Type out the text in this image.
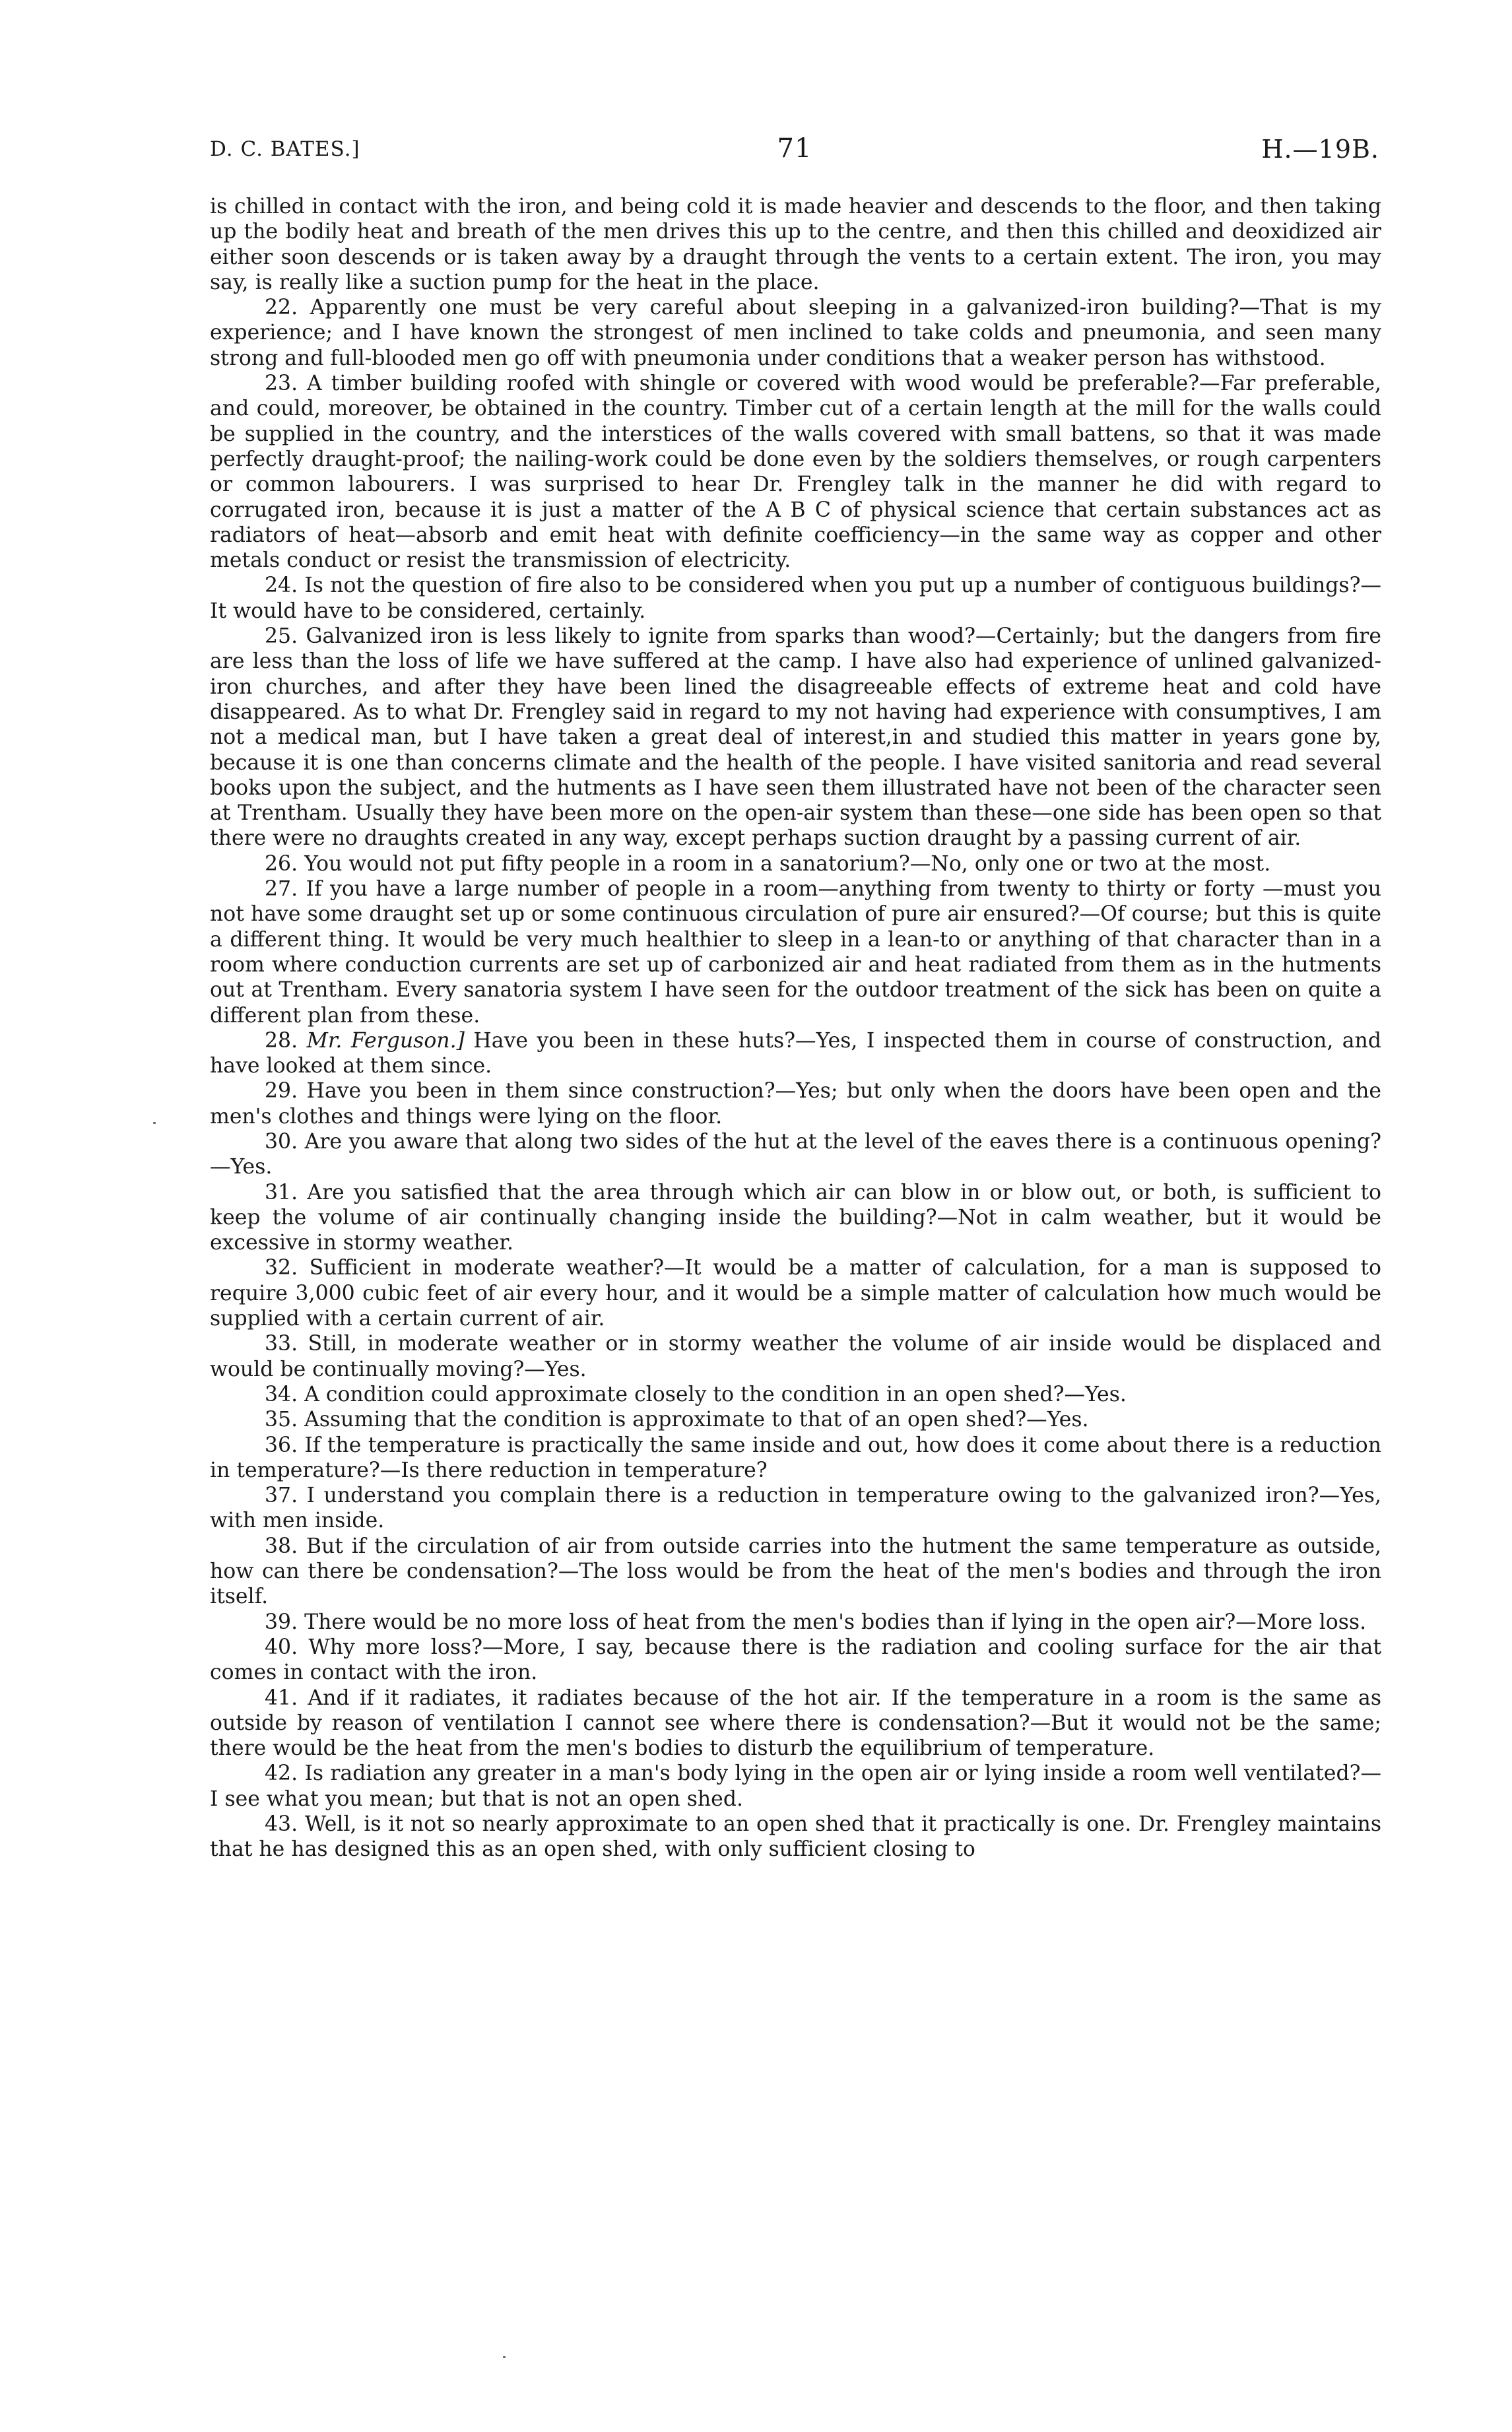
D. C. BATES.]	71	H.—19B.

is chilled in contact with the iron, and being cold it is made heavier and descends to the floor, and then taking up the bodily heat and breath of the men drives this up to the centre, and then this chilled and deoxidized air either soon descends or is taken away by a draught through the vents to a certain extent. The iron, you may say, is really like a suction pump for the heat in the place.

22. Apparently one must be very careful about sleeping in a galvanized-iron building?—That is my experience; and I have known the strongest of men inclined to take colds and pneumonia, and seen many strong and full-blooded men go off with pneumonia under conditions that a weaker person has withstood.

23. A timber building roofed with shingle or covered with wood would be preferable?—Far preferable, and could, moreover, be obtained in the country. Timber cut of a certain length at the mill for the walls could be supplied in the country, and the interstices of the walls covered with small battens, so that it was made perfectly draught-proof; the nailing-work could be done even by the soldiers themselves, or rough carpenters or common labourers. I was surprised to hear Dr. Frengley talk in the manner he did with regard to corrugated iron, because it is just a matter of the A B C of physical science that certain substances act as radiators of heat—absorb and emit heat with definite coefficiency—in the same way as copper and other metals conduct or resist the transmission of electricity.

24. Is not the question of fire also to be considered when you put up a number of contiguous buildings?—It would have to be considered, certainly.

25. Galvanized iron is less likely to ignite from sparks than wood?—Certainly; but the dangers from fire are less than the loss of life we have suffered at the camp. I have also had experience of unlined galvanized-iron churches, and after they have been lined the disagreeable effects of extreme heat and cold have disappeared. As to what Dr. Frengley said in regard to my not having had experience with consumptives, I am not a medical man, but I have taken a great deal of interest,in and studied this matter in years gone by, because it is one than concerns climate and the health of the people. I have visited sanitoria and read several books upon the subject, and the hutments as I have seen them illustrated have not been of the character seen at Trentham. Usually they have been more on the open-air system than these—one side has been open so that there were no draughts created in any way, except perhaps suction draught by a passing current of air.

26. You would not put fifty people in a room in a sanatorium?—No, only one or two at the most.

27. If you have a large number of people in a room—anything from twenty to thirty or forty —must you not have some draught set up or some continuous circulation of pure air ensured?—Of course; but this is quite a different thing. It would be very much healthier to sleep in a lean-to or anything of that character than in a room where conduction currents are set up of carbonized air and heat radiated from them as in the hutments out at Trentham. Every sanatoria system I have seen for the outdoor treatment of the sick has been on quite a different plan from these.

28. Mr. Ferguson.] Have you been in these huts?—Yes, I inspected them in course of construction, and have looked at them since.

29. Have you been in them since construction?—Yes; but only when the doors have been open and the men's clothes and things were lying on the floor.

30. Are you aware that along two sides of the hut at the level of the eaves there is a continuous opening?—Yes.

31. Are you satisfied that the area through which air can blow in or blow out, or both, is sufficient to keep the volume of air continually changing inside the building?—Not in calm weather, but it would be excessive in stormy weather.

32. Sufficient in moderate weather?—It would be a matter of calculation, for a man is supposed to require 3,000 cubic feet of air every hour, and it would be a simple matter of calculation how much would be supplied with a certain current of air.

33. Still, in moderate weather or in stormy weather the volume of air inside would be displaced and would be continually moving?—Yes.

34. A condition could approximate closely to the condition in an open shed?—Yes.

35. Assuming that the condition is approximate to that of an open shed?—Yes.

36. If the temperature is practically the same inside and out, how does it come about there is a reduction in temperature?—Is there reduction in temperature?

37. I understand you complain there is a reduction in temperature owing to the galvanized iron?—Yes, with men inside.

38. But if the circulation of air from outside carries into the hutment the same temperature as outside, how can there be condensation?—The loss would be from the heat of the men's bodies and through the iron itself.

39. There would be no more loss of heat from the men's bodies than if lying in the open air?—More loss.

40. Why more loss?—More, I say, because there is the radiation and cooling surface for the air that comes in contact with the iron.

41. And if it radiates, it radiates because of the hot air. If the temperature in a room is the same as outside by reason of ventilation I cannot see where there is condensation?—But it would not be the same; there would be the heat from the men's bodies to disturb the equilibrium of temperature.

42. Is radiation any greater in a man's body lying in the open air or lying inside a room well ventilated?—I see what you mean; but that is not an open shed.

43. Well, is it not so nearly approximate to an open shed that it practically is one. Dr. Frengley maintains that he has designed this as an open shed, with only sufficient closing to
